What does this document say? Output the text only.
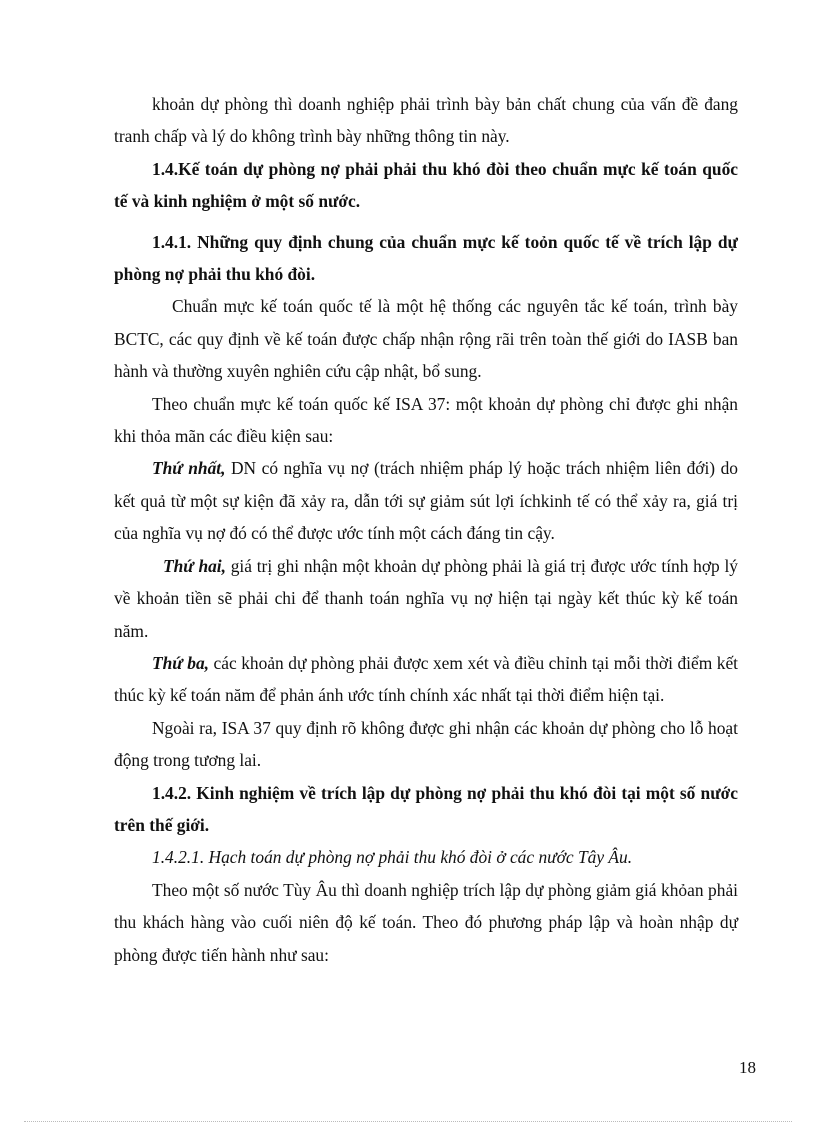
khoản dự phòng thì doanh nghiệp phải trình bày bản chất chung của vấn đề đang tranh chấp và lý do không trình bày những thông tin này.

1.4.Kế toán dự phòng nợ phải phải thu khó đòi theo chuẩn mực kế toán quốc tế và kinh nghiệm ở một số nước.

1.4.1. Những quy định chung của chuẩn mực kế toỏn quốc tế về trích lập dự phòng nợ phải thu khó đòi.

Chuẩn mực kế toán quốc tế là một hệ thống các nguyên tắc kế toán, trình bày BCTC, các quy định về kế toán được chấp nhận rộng rãi trên toàn thế giới do IASB ban hành và thường xuyên nghiên cứu cập nhật, bổ sung.

Theo chuẩn mực kế toán quốc kế ISA 37: một khoản dự phòng chỉ được ghi nhận khi thỏa mãn các điều kiện sau:

Thứ nhất, DN có nghĩa vụ nợ (trách nhiệm pháp lý hoặc trách nhiệm liên đới) do kết quả từ một sự kiện đã xảy ra, dẫn tới sự giảm sút lợi íchkinh tế có thể xảy ra, giá trị của nghĩa vụ nợ đó có thể được ước tính một cách đáng tin cậy.

Thứ hai, giá trị ghi nhận một khoản dự phòng phải là giá trị được ước tính hợp lý về khoản tiền sẽ phải chi để thanh toán nghĩa vụ nợ hiện tại ngày kết thúc kỳ kế toán năm.

Thứ ba, các khoản dự phòng phải được xem xét và điều chỉnh tại mỗi thời điểm kết thúc kỳ kế toán năm để phản ánh ước tính chính xác nhất tại thời điểm hiện tại.

Ngoài ra, ISA 37 quy định rõ không được ghi nhận các khoản dự phòng cho lỗ hoạt động trong tương lai.

1.4.2. Kinh nghiệm về trích lập dự phòng nợ phải thu khó đòi tại một số nước trên thế giới.

1.4.2.1. Hạch toán dự phòng nợ phải thu khó đòi ở các nước Tây Âu.

Theo một số nước Tùy Âu thì doanh nghiệp trích lập dự phòng giảm giá khỏan phải thu khách hàng vào cuối niên độ kế toán. Theo đó phương pháp lập và hoàn nhập dự phòng được tiến hành như sau:

18
